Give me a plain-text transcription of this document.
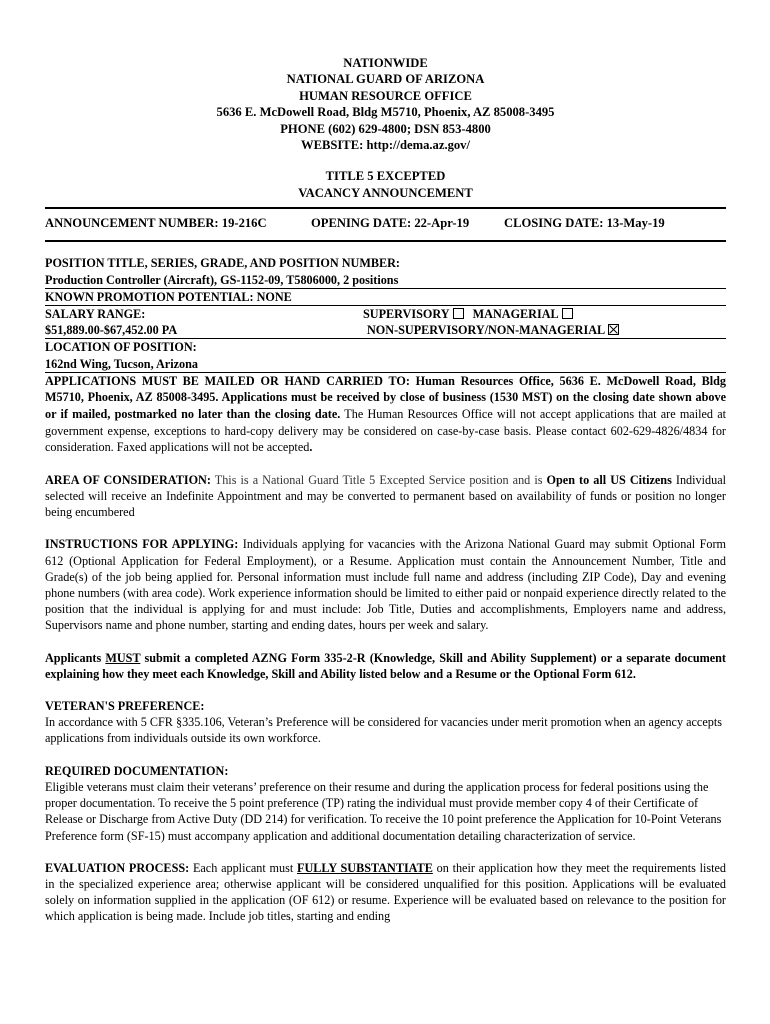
NATIONWIDE
NATIONAL GUARD OF ARIZONA
HUMAN RESOURCE OFFICE
5636 E. McDowell Road, Bldg M5710, Phoenix, AZ 85008-3495
PHONE (602) 629-4800; DSN 853-4800
WEBSITE: http://dema.az.gov/
TITLE 5 EXCEPTED
VACANCY ANNOUNCEMENT
ANNOUNCEMENT NUMBER: 19-216C	OPENING DATE: 22-Apr-19	CLOSING DATE: 13-May-19
POSITION TITLE, SERIES, GRADE, AND POSITION NUMBER:
Production Controller (Aircraft), GS-1152-09, T5806000, 2 positions
KNOWN PROMOTION POTENTIAL: NONE
SALARY RANGE:	SUPERVISORY MANAGERIAL
$51,889.00-$67,452.00 PA	NON-SUPERVISORY/NON-MANAGERIAL
LOCATION OF POSITION:
162nd Wing, Tucson, Arizona
APPLICATIONS MUST BE MAILED OR HAND CARRIED TO: Human Resources Office, 5636 E. McDowell Road, Bldg M5710, Phoenix, AZ 85008-3495. Applications must be received by close of business (1530 MST) on the closing date shown above or if mailed, postmarked no later than the closing date. The Human Resources Office will not accept applications that are mailed at government expense, exceptions to hard-copy delivery may be considered on case-by-case basis. Please contact 602-629-4826/4834 for consideration. Faxed applications will not be accepted.
AREA OF CONSIDERATION: This is a National Guard Title 5 Excepted Service position and is Open to all US Citizens Individual selected will receive an Indefinite Appointment and may be converted to permanent based on availability of funds or position no longer being encumbered
INSTRUCTIONS FOR APPLYING: Individuals applying for vacancies with the Arizona National Guard may submit Optional Form 612 (Optional Application for Federal Employment), or a Resume. Application must contain the Announcement Number, Title and Grade(s) of the job being applied for. Personal information must include full name and address (including ZIP Code), Day and evening phone numbers (with area code). Work experience information should be limited to either paid or nonpaid experience directly related to the position that the individual is applying for and must include: Job Title, Duties and accomplishments, Employers name and address, Supervisors name and phone number, starting and ending dates, hours per week and salary.
Applicants MUST submit a completed AZNG Form 335-2-R (Knowledge, Skill and Ability Supplement) or a separate document explaining how they meet each Knowledge, Skill and Ability listed below and a Resume or the Optional Form 612.
VETERAN'S PREFERENCE:
In accordance with 5 CFR §335.106, Veteran’s Preference will be considered for vacancies under merit promotion when an agency accepts applications from individuals outside its own workforce.
REQUIRED DOCUMENTATION:
Eligible veterans must claim their veterans’ preference on their resume and during the application process for federal positions using the proper documentation. To receive the 5 point preference (TP) rating the individual must provide member copy 4 of their Certificate of Release or Discharge from Active Duty (DD 214) for verification. To receive the 10 point preference the Application for 10-Point Veterans Preference form (SF-15) must accompany application and additional documentation detailing characterization of service.
EVALUATION PROCESS: Each applicant must FULLY SUBSTANTIATE on their application how they meet the requirements listed in the specialized experience area; otherwise applicant will be considered unqualified for this position. Applications will be evaluated solely on information supplied in the application (OF 612) or resume. Experience will be evaluated based on relevance to the position for which application is being made. Include job titles, starting and ending
